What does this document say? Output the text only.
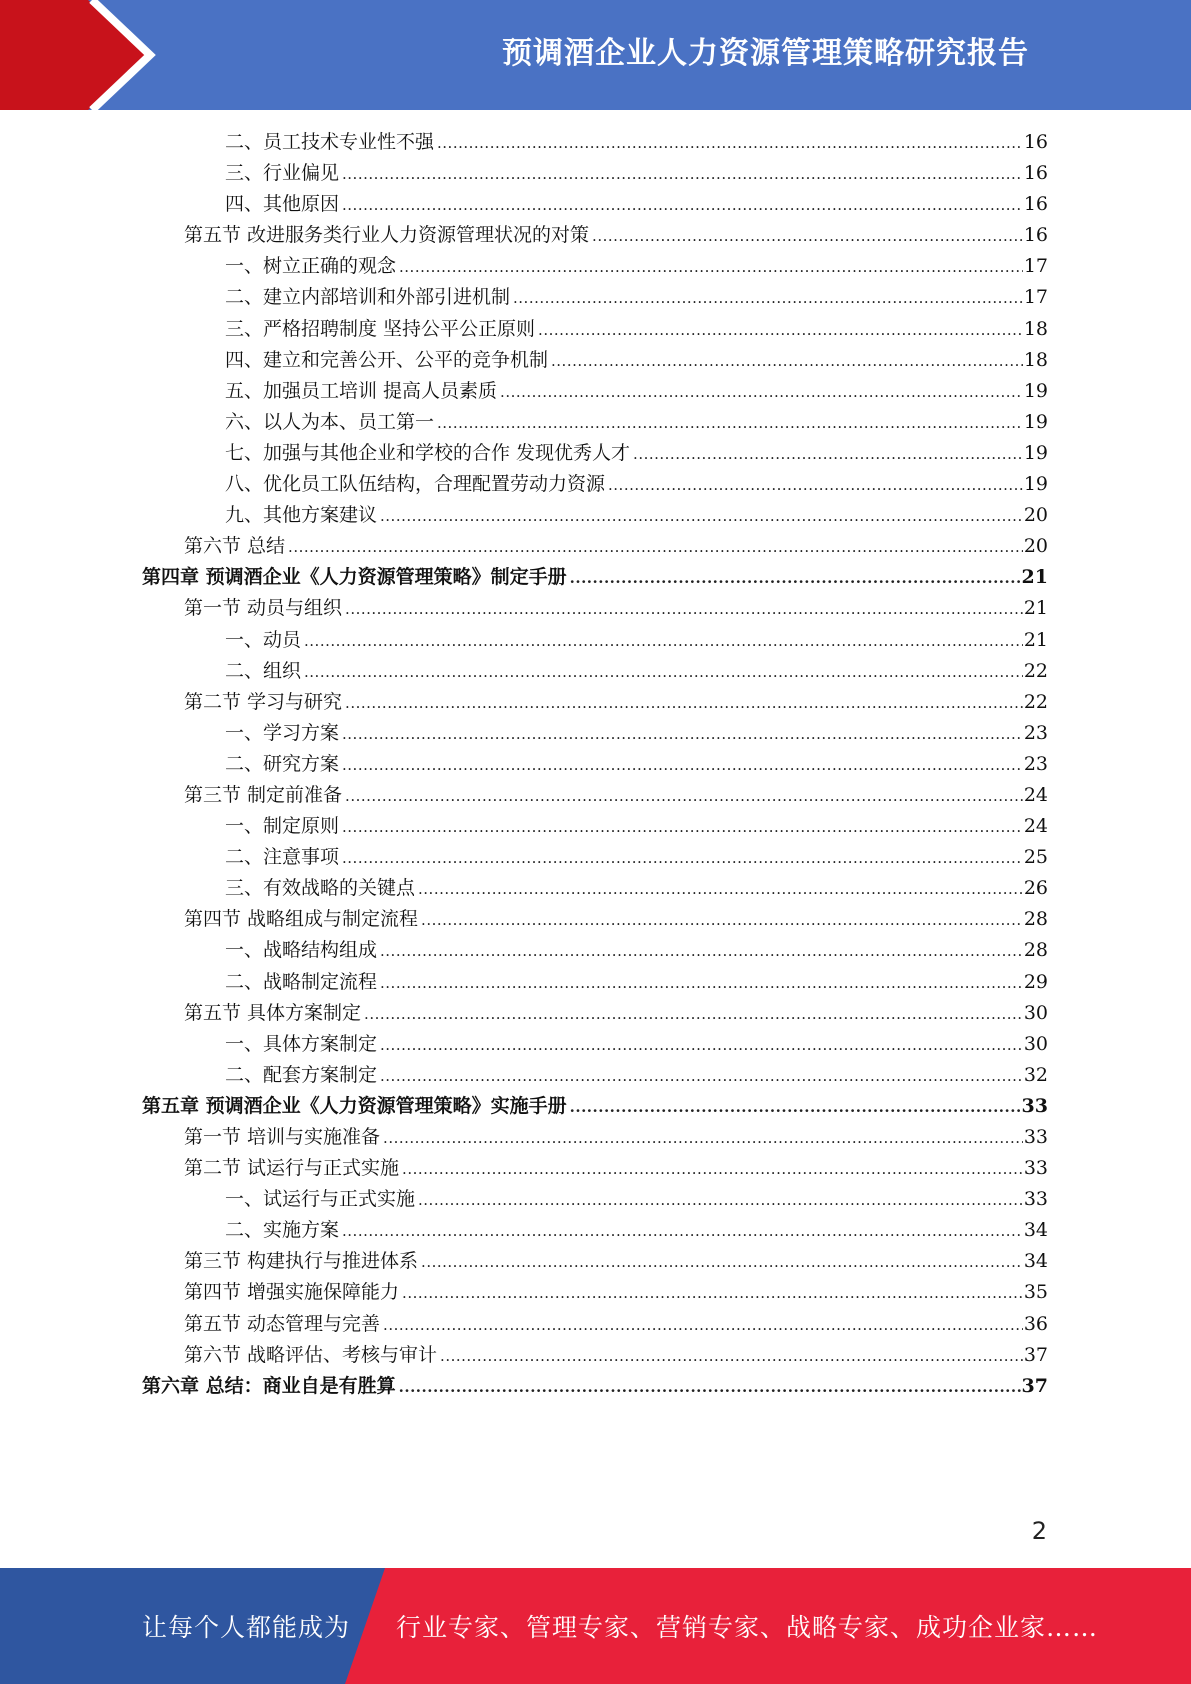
预调酒企业人力资源管理策略研究报告
二、员工技术专业性不强 .....	16
三、行业偏见 .....	16
四、其他原因 .....	16
第五节 改进服务类行业人力资源管理状况的对策 .....	16
一、树立正确的观念 .....	17
二、建立内部培训和外部引进机制 .....	17
三、严格招聘制度 坚持公平公正原则 .....	18
四、建立和完善公开、公平的竞争机制 .....	18
五、加强员工培训 提高人员素质 .....	19
六、以人为本、员工第一 .....	19
七、加强与其他企业和学校的合作 发现优秀人才 .....	19
八、优化员工队伍结构，合理配置劳动力资源 .....	19
九、其他方案建议 .....	20
第六节 总结 .....	20
第四章 预调酒企业《人力资源管理策略》制定手册 .....	21
第一节 动员与组织 .....	21
一、动员 .....	21
二、组织 .....	22
第二节 学习与研究 .....	22
一、学习方案 .....	23
二、研究方案 .....	23
第三节 制定前准备 .....	24
一、制定原则 .....	24
二、注意事项 .....	25
三、有效战略的关键点 .....	26
第四节 战略组成与制定流程 .....	28
一、战略结构组成 .....	28
二、战略制定流程 .....	29
第五节 具体方案制定 .....	30
一、具体方案制定 .....	30
二、配套方案制定 .....	32
第五章 预调酒企业《人力资源管理策略》实施手册 .....	33
第一节 培训与实施准备 .....	33
第二节 试运行与正式实施 .....	33
一、试运行与正式实施 .....	33
二、实施方案 .....	34
第三节 构建执行与推进体系 .....	34
第四节 增强实施保障能力 .....	35
第五节 动态管理与完善 .....	36
第六节 战略评估、考核与审计 .....	37
第六章 总结：商业自是有胜算 .....	37
2
让每个人都能成为 行业专家、管理专家、营销专家、战略专家、成功企业家……
